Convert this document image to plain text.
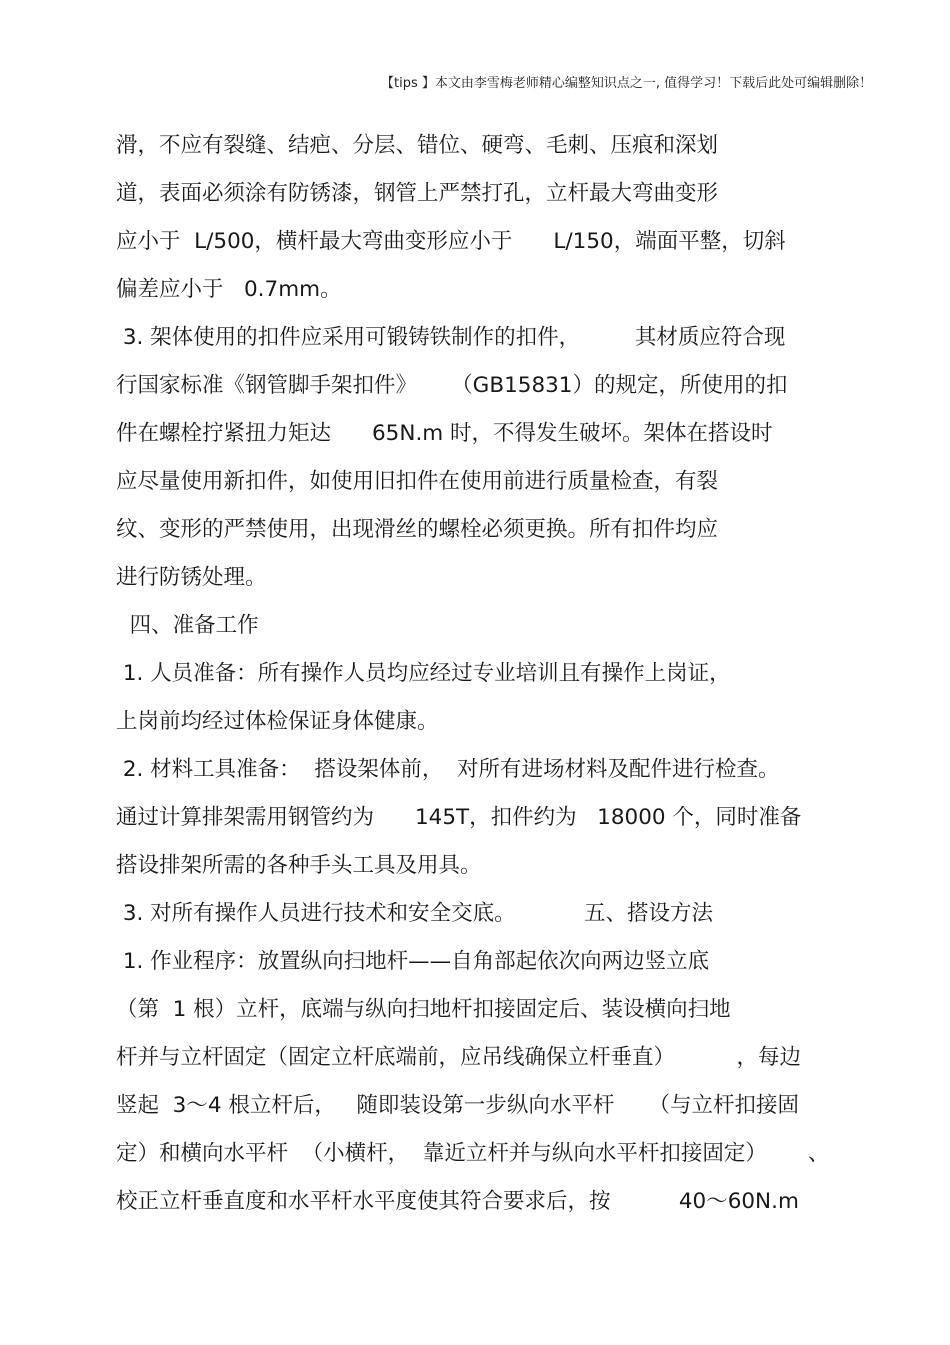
【tips 】本文由李雪梅老师精心编整知识点之一, 值得学习！下载后此处可编辑删除！
滑，不应有裂缝、结疤、分层、错位、硬弯、毛刺、压痕和深划
道，表面必须涂有防锈漆，钢管上严禁打孔，立杆最大弯曲变形
应小于  L/500，横杆最大弯曲变形应小于      L/150，端面平整，切斜
偏差应小于   0.7mm。
3. 架体使用的扣件应采用可锻铸铁制作的扣件，        其材质应符合现
行国家标准《钢管脚手架扣件》     （GB15831）的规定，所使用的扣
件在螺栓拧紧扭力矩达      65N.m 时，不得发生破坏。架体在搭设时
应尽量使用新扣件，如使用旧扣件在使用前进行质量检查，有裂
纹、变形的严禁使用，出现滑丝的螺栓必须更换。所有扣件均应
进行防锈处理。
四、准备工作
1. 人员准备：所有操作人员均应经过专业培训且有操作上岗证，
上岗前均经过体检保证身体健康。
2. 材料工具准备：  搭设架体前，  对所有进场材料及配件进行检查。
通过计算排架需用钢管约为      145T，扣件约为   18000 个，同时准备
搭设排架所需的各种手头工具及用具。
3. 对所有操作人员进行技术和安全交底。          五、搭设方法
1. 作业程序：放置纵向扫地杆——自角部起依次向两边竖立底
（第  1 根）立杆，底端与纵向扫地杆扣接固定后、装设横向扫地
杆并与立杆固定（固定立杆底端前，应吊线确保立杆垂直）         ，每边
竖起  3～4 根立杆后，   随即装设第一步纵向水平杆     （与立杆扣接固
定）和横向水平杆  （小横杆，  靠近立杆并与纵向水平杆扣接固定）      、
校正立杆垂直度和水平杆水平度使其符合要求后，按          40～60N.m
